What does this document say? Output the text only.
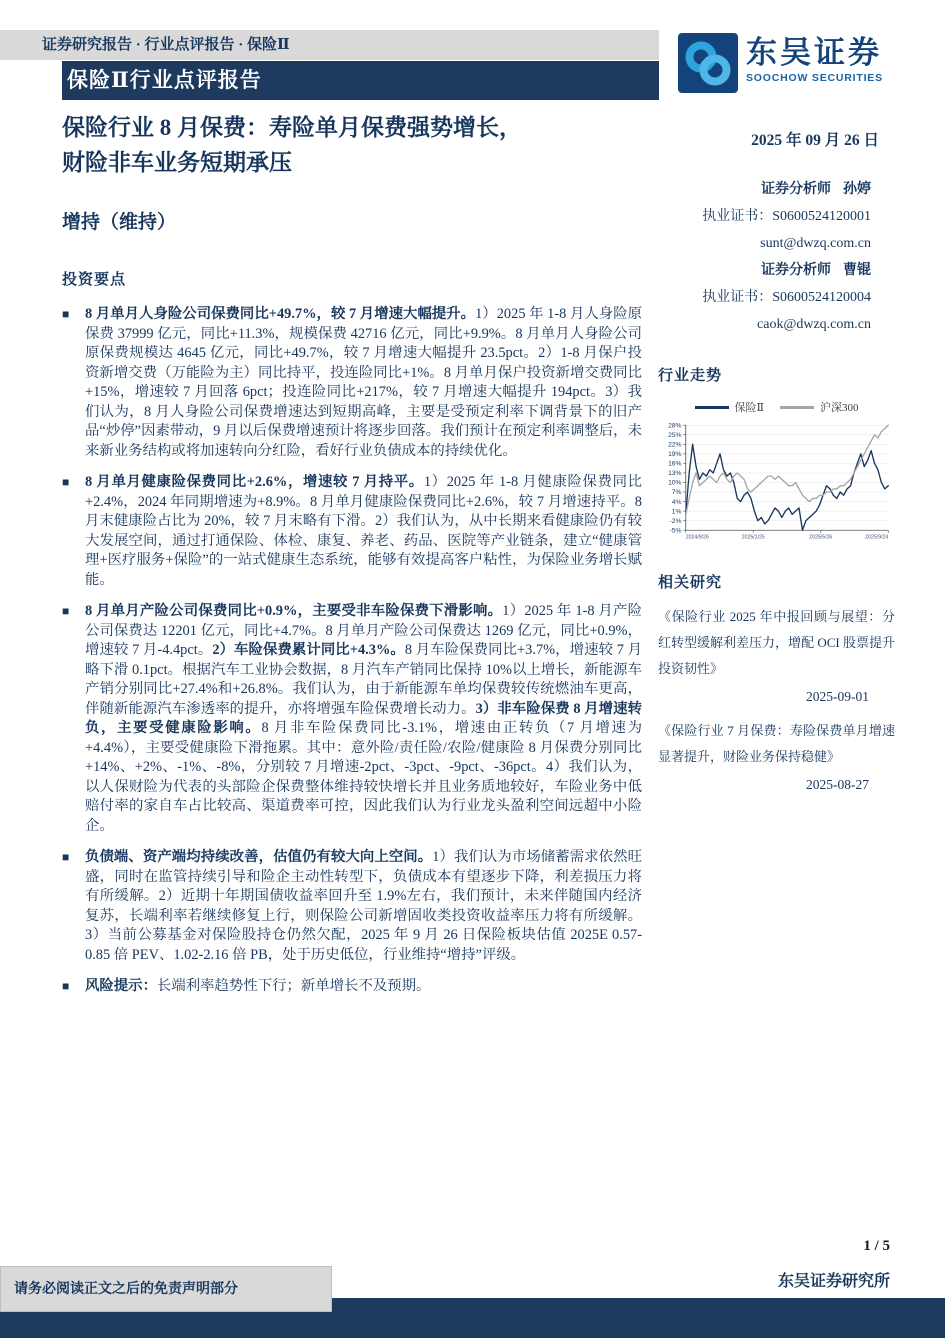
证券研究报告 · 行业点评报告 · 保险Ⅱ	东吴证券
SOOCHOW SECURITIES
保险Ⅱ行业点评报告
保险行业 8 月保费：寿险单月保费强势增长，
财险非车业务短期承压
增持（维持）
投资要点
■ 8 月单月人身险公司保费同比+49.7%，较 7 月增速大幅提升。1）2025 年 1-8 月人身险原保费 37999 亿元，同比+11.3%，规模保费 42716 亿元，同比+9.9%。8 月单月人身险公司原保费规模达 4645 亿元，同比+49.7%，较 7 月增速大幅提升 23.5pct。2）1-8 月保户投资新增交费（万能险为主）同比持平，投连险同比+1%。8 月单月保户投资新增交费同比+15%，增速较 7 月回落 6pct；投连险同比+217%，较 7 月增速大幅提升 194pct。3）我们认为，8 月人身险公司保费增速达到短期高峰，主要是受预定利率下调背景下的旧产品“炒停”因素带动，9 月以后保费增速预计将逐步回落。我们预计在预定利率调整后，未来新业务结构或将加速转向分红险，看好行业负债成本的持续优化。
■ 8 月单月健康险保费同比+2.6%，增速较 7 月持平。1）2025 年 1-8 月健康险保费同比+2.4%，2024 年同期增速为+8.9%。8 月单月健康险保费同比+2.6%，较 7 月增速持平。8 月末健康险占比为 20%，较 7 月末略有下滑。2）我们认为，从中长期来看健康险仍有较大发展空间，通过打通保险、体检、康复、养老、药品、医院等产业链条，建立“健康管理+医疗服务+保险”的一站式健康生态系统，能够有效提高客户粘性，为保险业务增长赋能。
■ 8 月单月产险公司保费同比+0.9%，主要受非车险保费下滑影响。1）2025 年 1-8 月产险公司保费达 12201 亿元，同比+4.7%。8 月单月产险公司保费达 1269 亿元，同比+0.9%，增速较 7 月-4.4pct。2）车险保费累计同比+4.3%。8 月车险保费同比+3.7%，增速较 7 月略下滑 0.1pct。根据汽车工业协会数据，8 月汽车产销同比保持 10%以上增长，新能源车产销分别同比+27.4%和+26.8%。我们认为，由于新能源车单均保费较传统燃油车更高，伴随新能源汽车渗透率的提升，亦将增强车险保费增长动力。3）非车险保费 8 月增速转负，主要受健康险影响。8 月非车险保费同比-3.1%，增速由正转负（7 月增速为+4.4%），主要受健康险下滑拖累。其中：意外险/责任险/农险/健康险 8 月保费分别同比+14%、+2%、-1%、-8%，分别较 7 月增速-2pct、-3pct、-9pct、-36pct。4）我们认为，以人保财险为代表的头部险企保费整体维持较快增长并且业务质地较好，车险业务中低赔付率的家自车占比较高、渠道费率可控，因此我们认为行业龙头盈利空间远超中小险企。
■ 负债端、资产端均持续改善，估值仍有较大向上空间。1）我们认为市场储蓄需求依然旺盛，同时在监管持续引导和险企主动性转型下，负债成本有望逐步下降，利差损压力将有所缓解。2）近期十年期国债收益率回升至 1.9%左右，我们预计，未来伴随国内经济复苏，长端利率若继续修复上行，则保险公司新增固收类投资收益率压力将有所缓解。3）当前公募基金对保险股持仓仍然欠配，2025 年 9 月 26 日保险板块估值 2025E 0.57-0.85 倍 PEV、1.02-2.16 倍 PB，处于历史低位，行业维持“增持”评级。
■ 风险提示：长端利率趋势性下行；新单增长不及预期。
2025 年 09 月 26 日
证券分析师 孙婷
执业证书：S0600524120001
sunt@dwzq.com.cn
证券分析师 曹锟
执业证书：S0600524120004
caok@dwzq.com.cn
行业走势
保险Ⅱ	沪深300
-5%
-2%
1%
4%
7%
10%
13%
16%
19%
22%
25%
28%
2024/9/26	2025/1/25	2025/5/26	2025/9/24
相关研究
《保险行业 2025 年中报回顾与展望：分红转型缓解利差压力，增配 OCI 股票提升投资韧性》
2025-09-01
《保险行业 7 月保费：寿险保费单月增速显著提升，财险业务保持稳健》
2025-08-27
1 / 5
东吴证券研究所
请务必阅读正文之后的免责声明部分
